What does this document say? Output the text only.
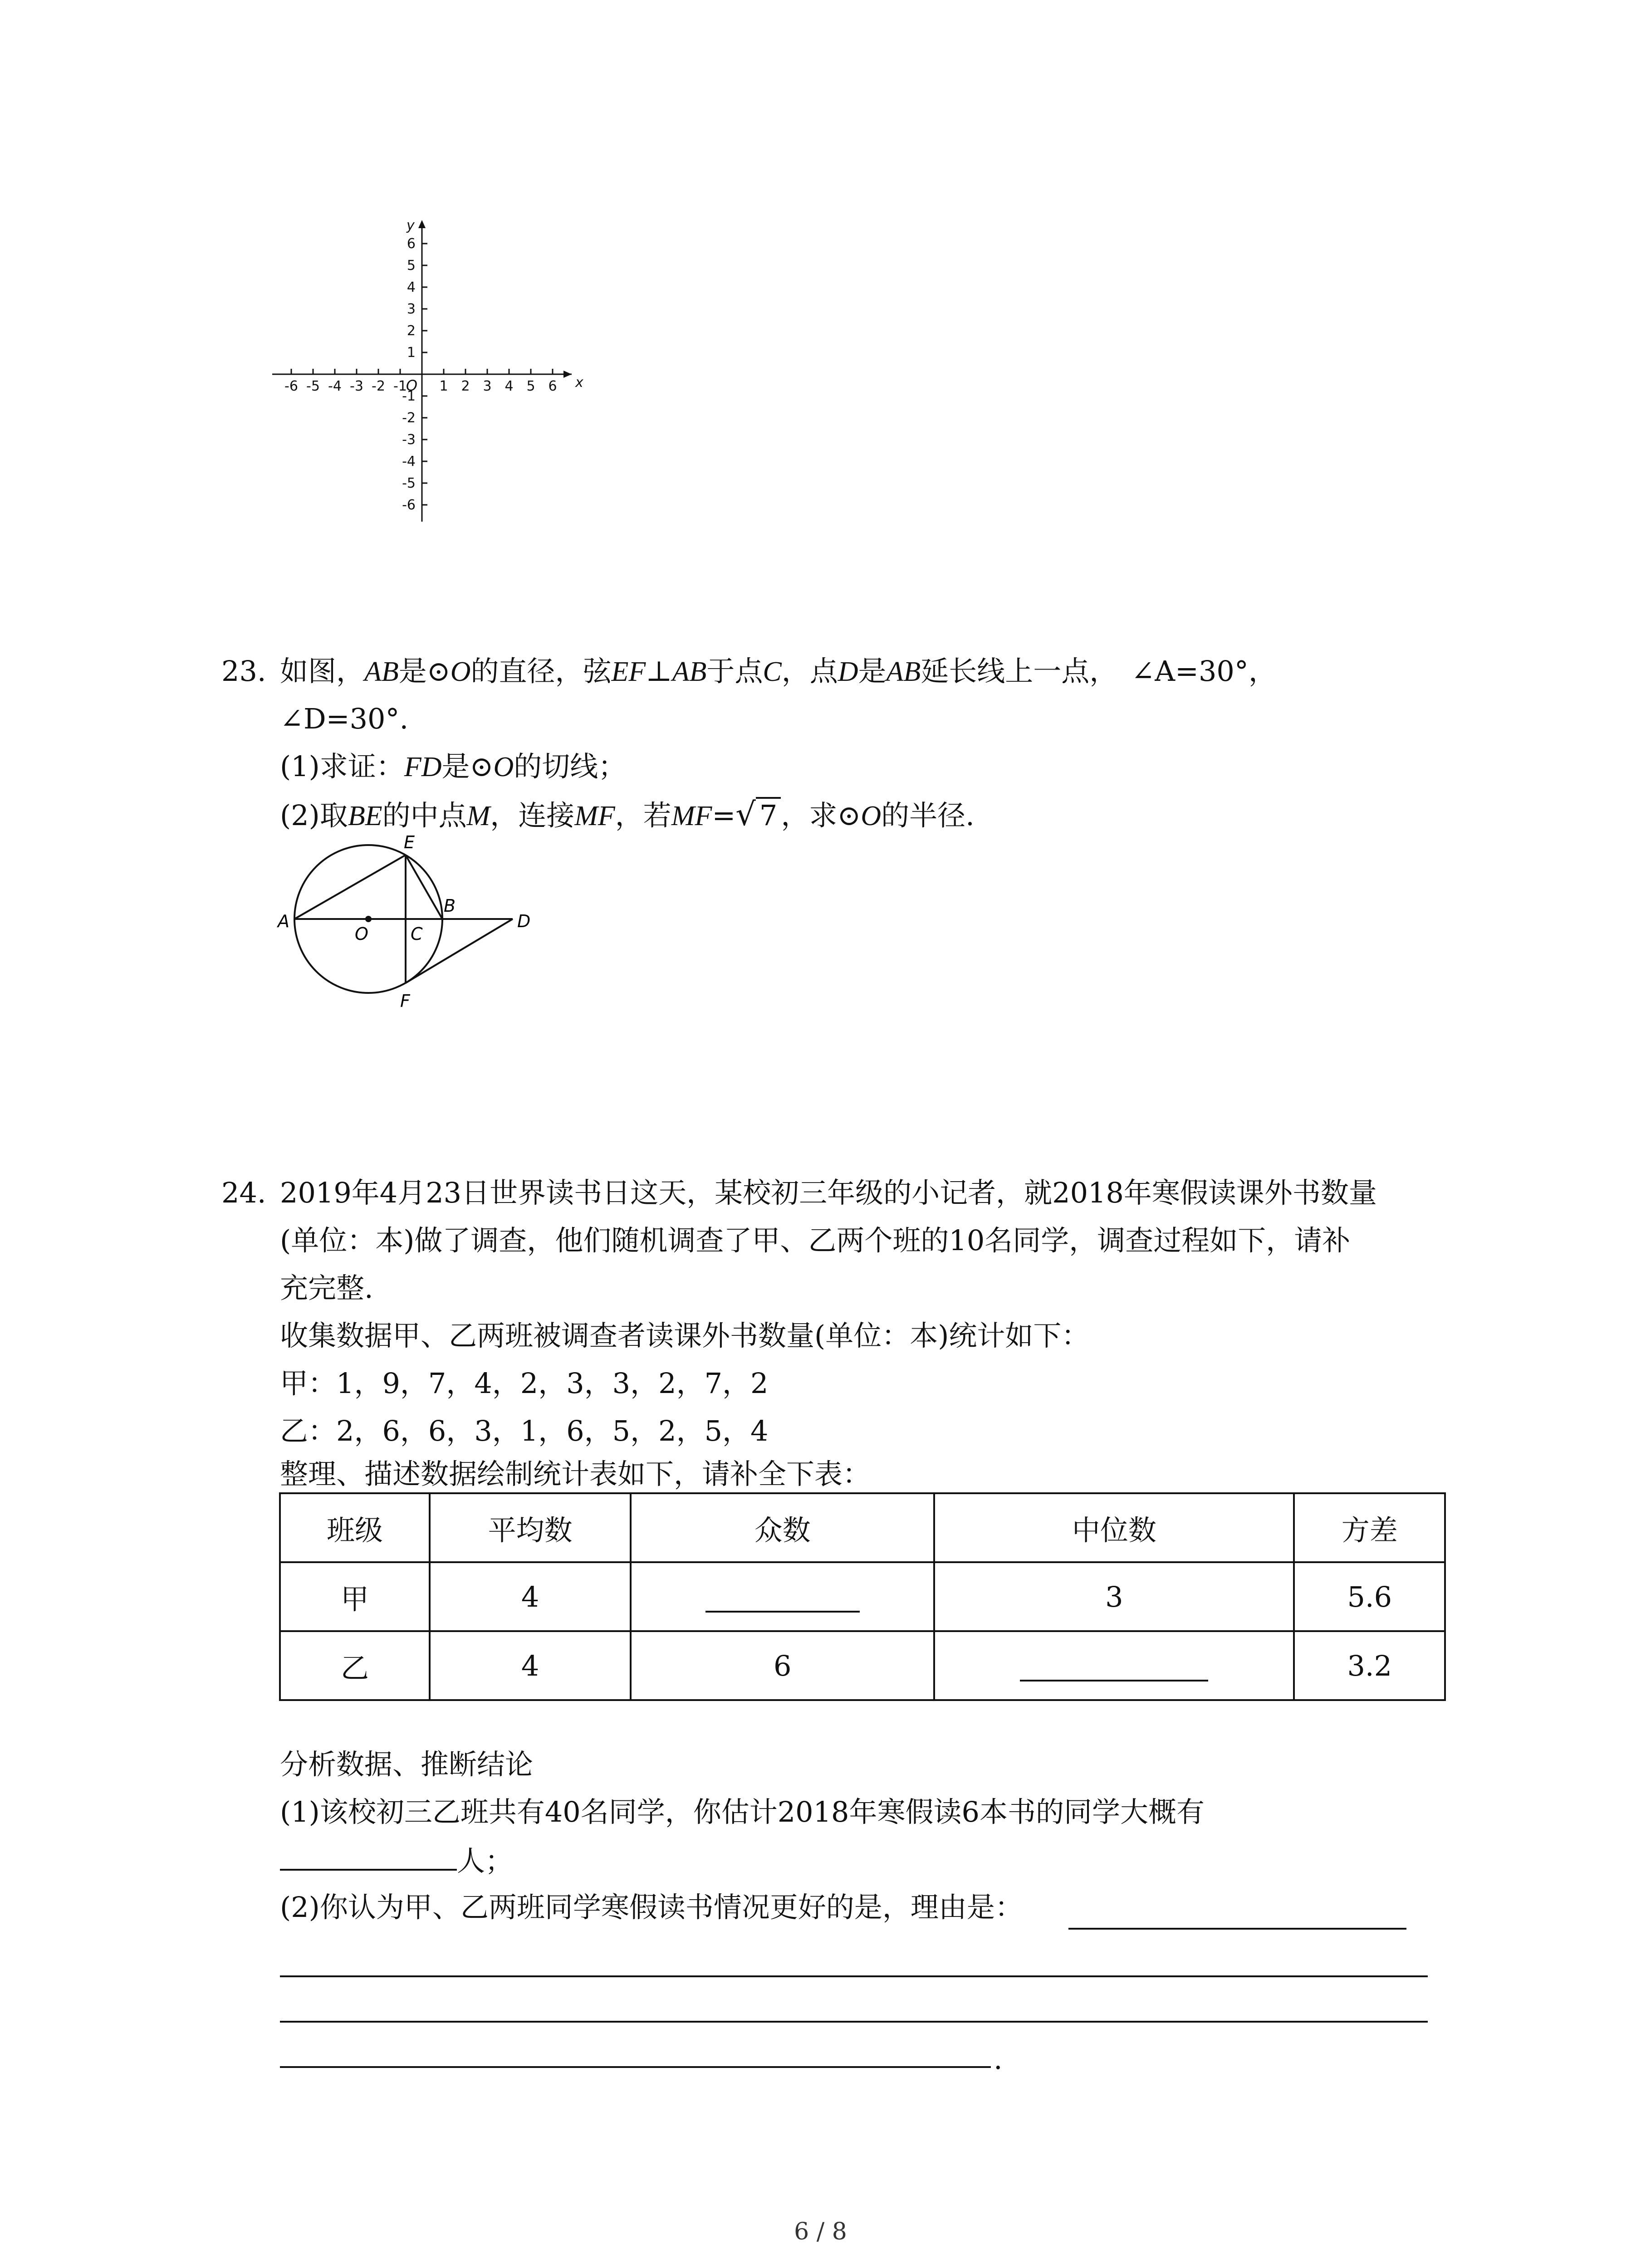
-6 -5 -4 -3 -2 -1 1 2 3 4 5 6
6
5
4
3
2
1
-1
-2
-3
-4
-5
-6
O	x
y
23. 如图，AB是⊙O的直径，弦EF⊥AB于点C，点D是AB延长线上一点， ∠A=30°，
∠D=30°.
(1)求证：FD是⊙O的切线；
(2)取BE的中点M，连接MF，若MF=√ 7 ，求⊙O的半径.
A
E
B
O C
D
F
24. 2019年4月23日世界读书日这天，某校初三年级的小记者，就2018年寒假读课外书数量
(单位：本)做了调查，他们随机调查了甲、乙两个班的10名同学，调查过程如下，请补
充完整.
收集数据甲、乙两班被调查者读课外书数量(单位：本)统计如下：
甲：1，9，7，4，2，3，3，2，7，2
乙：2，6，6，3，1，6，5，2，5，4
整理、描述数据绘制统计表如下，请补全下表：
班级	平均数	众数	中位数	方差
甲	4		3	5.6
乙	4	6		3.2
分析数据、推断结论
(1)该校初三乙班共有40名同学，你估计2018年寒假读6本书的同学大概有
人；
(2)你认为甲、乙两班同学寒假读书情况更好的是，理由是：
.
6 / 8
